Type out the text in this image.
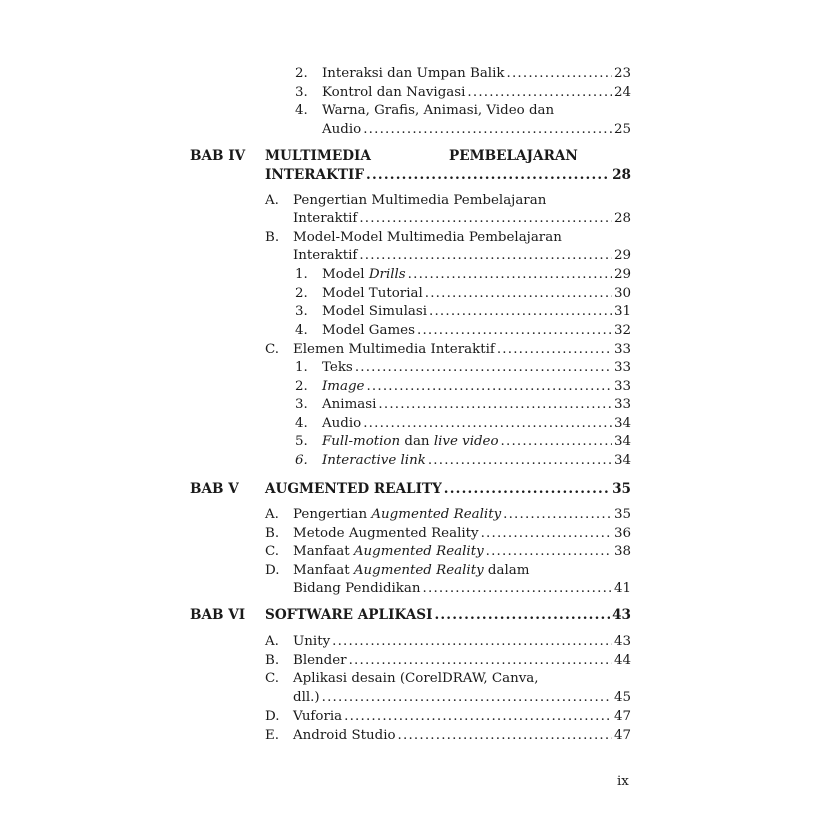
2. Interaksi dan Umpan Balik .....	23
3. Kontrol dan Navigasi .....	24
4. Warna, Grafis, Animasi, Video dan
Audio .....	25
BAB IV MULTIMEDIA	PEMBELAJARAN
INTERAKTIF .....	28
A. Pengertian Multimedia Pembelajaran
Interaktif .....	28
B. Model-Model Multimedia Pembelajaran
Interaktif .....	29
1. Model Drills .....	29
2. Model Tutorial .....	30
3. Model Simulasi .....	31
4. Model Games .....	32
C. Elemen Multimedia Interaktif .....	33
1. Teks .....	33
2. Image .....	33
3. Animasi .....	33
4. Audio .....	34
5. Full-motion dan live video .....	34
6. Interactive link .....	34
BAB V AUGMENTED REALITY .....	35
A. Pengertian Augmented Reality .....	35
B. Metode Augmented Reality .....	36
C. Manfaat Augmented Reality .....	38
D. Manfaat Augmented Reality dalam
Bidang Pendidikan .....	41
BAB VI SOFTWARE APLIKASI .....	43
A. Unity .....	43
B. Blender .....	44
C. Aplikasi desain (CorelDRAW, Canva,
dll.) .....	45
D. Vuforia .....	47
E. Android Studio .....	47
ix
